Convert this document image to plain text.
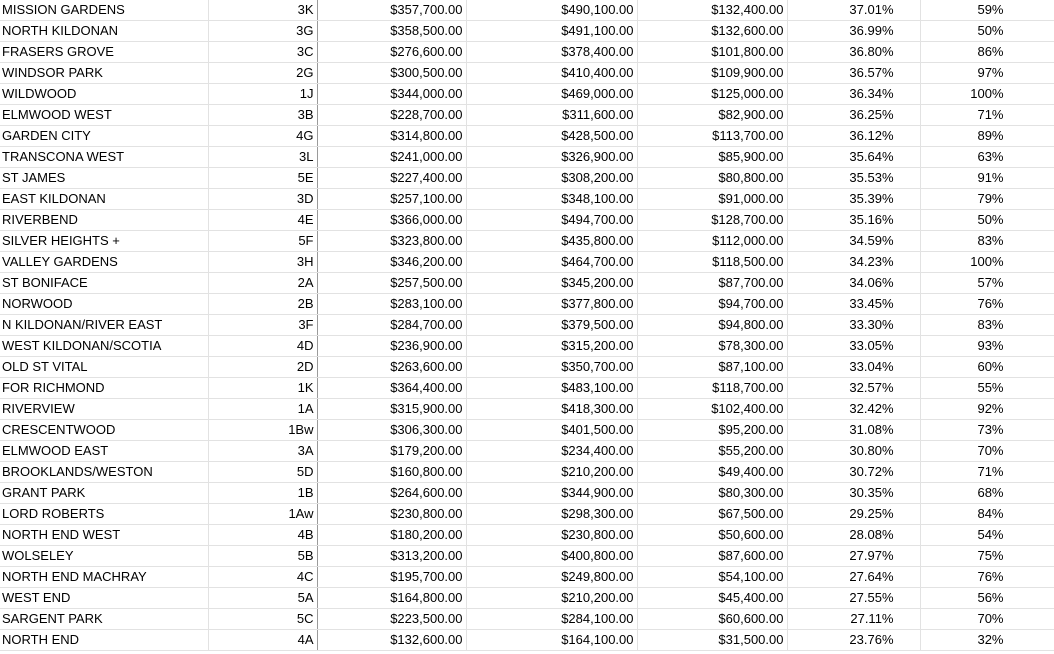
MISSION GARDENS	3K	$357,700.00	$490,100.00	$132,400.00	37.01%	59%
NORTH KILDONAN	3G	$358,500.00	$491,100.00	$132,600.00	36.99%	50%
FRASERS GROVE	3C	$276,600.00	$378,400.00	$101,800.00	36.80%	86%
WINDSOR PARK	2G	$300,500.00	$410,400.00	$109,900.00	36.57%	97%
WILDWOOD	1J	$344,000.00	$469,000.00	$125,000.00	36.34%	100%
ELMWOOD WEST	3B	$228,700.00	$311,600.00	$82,900.00	36.25%	71%
GARDEN CITY	4G	$314,800.00	$428,500.00	$113,700.00	36.12%	89%
TRANSCONA WEST	3L	$241,000.00	$326,900.00	$85,900.00	35.64%	63%
ST JAMES	5E	$227,400.00	$308,200.00	$80,800.00	35.53%	91%
EAST KILDONAN	3D	$257,100.00	$348,100.00	$91,000.00	35.39%	79%
RIVERBEND	4E	$366,000.00	$494,700.00	$128,700.00	35.16%	50%
SILVER HEIGHTS +	5F	$323,800.00	$435,800.00	$112,000.00	34.59%	83%
VALLEY GARDENS	3H	$346,200.00	$464,700.00	$118,500.00	34.23%	100%
ST BONIFACE	2A	$257,500.00	$345,200.00	$87,700.00	34.06%	57%
NORWOOD	2B	$283,100.00	$377,800.00	$94,700.00	33.45%	76%
N KILDONAN/RIVER EAST	3F	$284,700.00	$379,500.00	$94,800.00	33.30%	83%
WEST KILDONAN/SCOTIA	4D	$236,900.00	$315,200.00	$78,300.00	33.05%	93%
OLD ST VITAL	2D	$263,600.00	$350,700.00	$87,100.00	33.04%	60%
FOR RICHMOND	1K	$364,400.00	$483,100.00	$118,700.00	32.57%	55%
RIVERVIEW	1A	$315,900.00	$418,300.00	$102,400.00	32.42%	92%
CRESCENTWOOD	1Bw	$306,300.00	$401,500.00	$95,200.00	31.08%	73%
ELMWOOD EAST	3A	$179,200.00	$234,400.00	$55,200.00	30.80%	70%
BROOKLANDS/WESTON	5D	$160,800.00	$210,200.00	$49,400.00	30.72%	71%
GRANT PARK	1B	$264,600.00	$344,900.00	$80,300.00	30.35%	68%
LORD ROBERTS	1Aw	$230,800.00	$298,300.00	$67,500.00	29.25%	84%
NORTH END WEST	4B	$180,200.00	$230,800.00	$50,600.00	28.08%	54%
WOLSELEY	5B	$313,200.00	$400,800.00	$87,600.00	27.97%	75%
NORTH END MACHRAY	4C	$195,700.00	$249,800.00	$54,100.00	27.64%	76%
WEST END	5A	$164,800.00	$210,200.00	$45,400.00	27.55%	56%
SARGENT PARK	5C	$223,500.00	$284,100.00	$60,600.00	27.11%	70%
NORTH END	4A	$132,600.00	$164,100.00	$31,500.00	23.76%	32%
